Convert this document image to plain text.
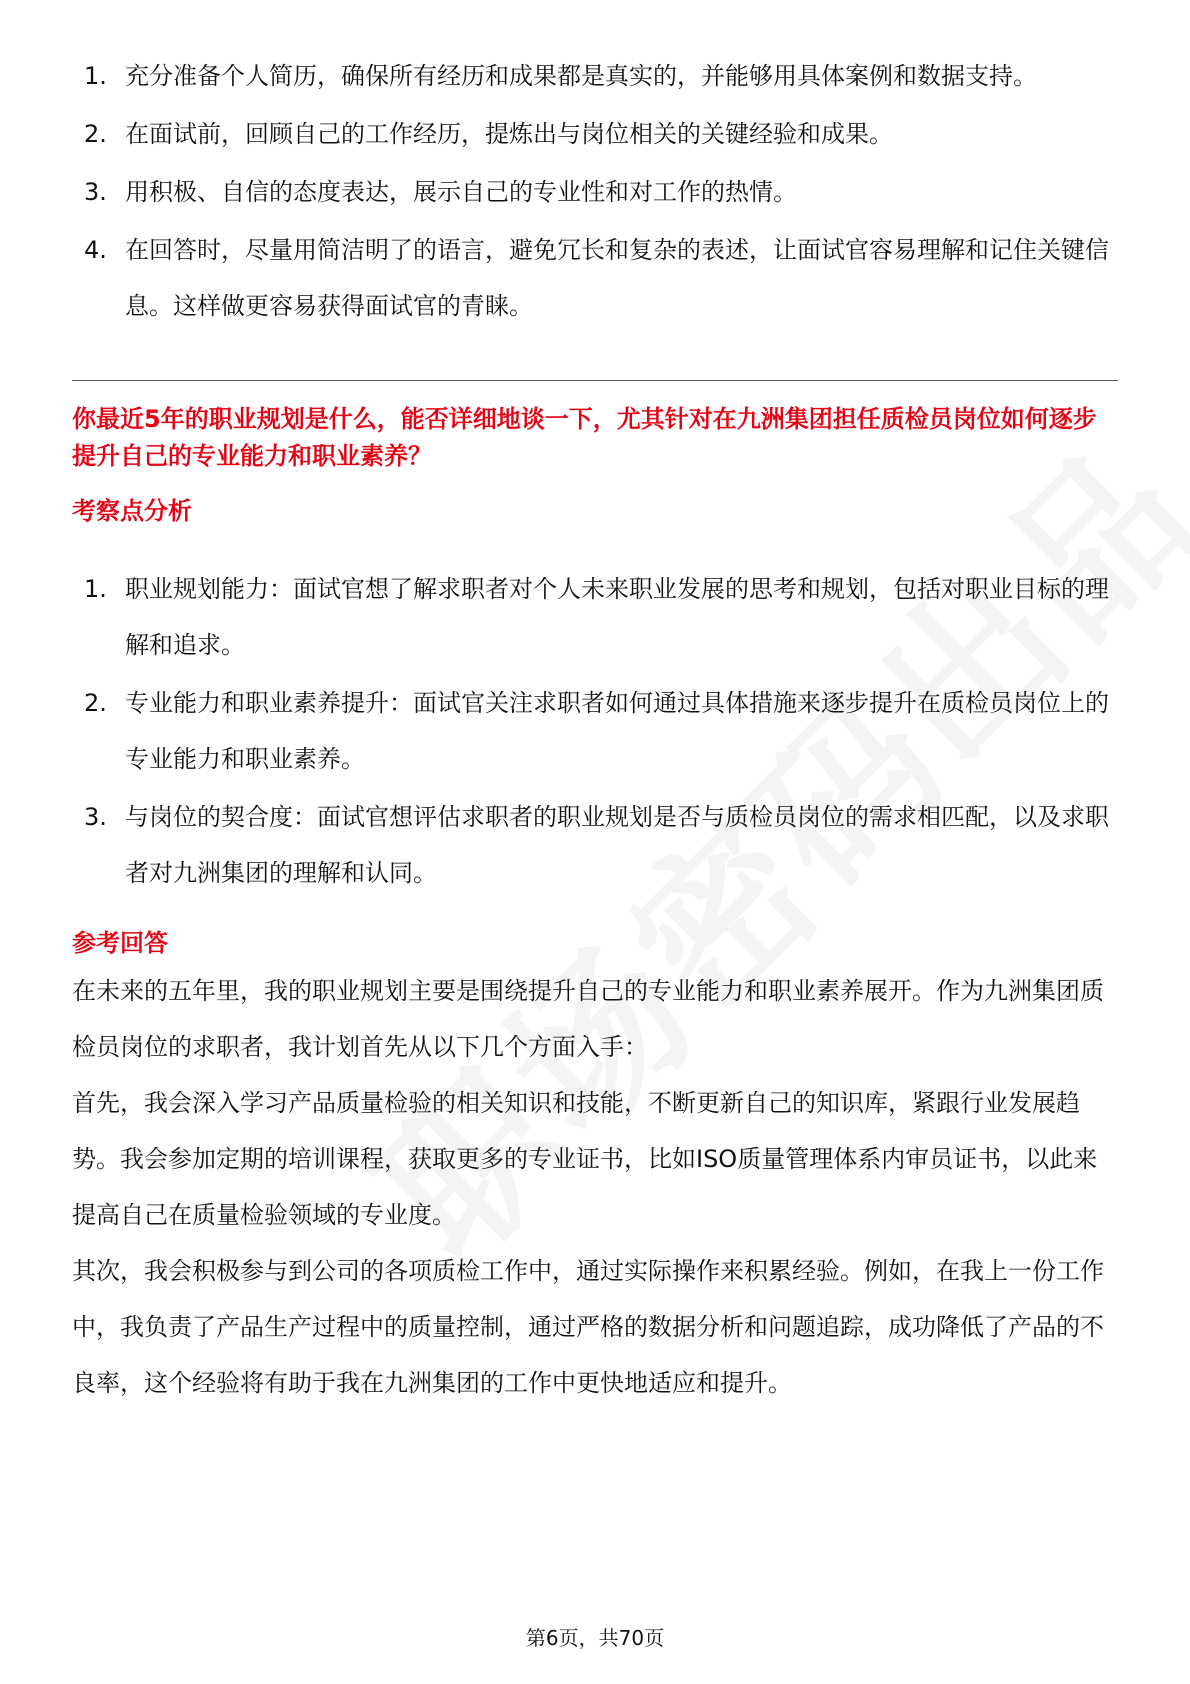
1. 充分准备个人简历，确保所有经历和成果都是真实的，并能够用具体案例和数据支持。
2. 在面试前，回顾自己的工作经历，提炼出与岗位相关的关键经验和成果。
3. 用积极、自信的态度表达，展示自己的专业性和对工作的热情。
4. 在回答时，尽量用简洁明了的语言，避免冗长和复杂的表述，让面试官容易理解和记住关键信息。这样做更容易获得面试官的青睐。
你最近5年的职业规划是什么，能否详细地谈一下，尤其针对在九洲集团担任质检员岗位如何逐步提升自己的专业能力和职业素养？
考察点分析
1. 职业规划能力：面试官想了解求职者对个人未来职业发展的思考和规划，包括对职业目标的理解和追求。
2. 专业能力和职业素养提升：面试官关注求职者如何通过具体措施来逐步提升在质检员岗位上的专业能力和职业素养。
3. 与岗位的契合度：面试官想评估求职者的职业规划是否与质检员岗位的需求相匹配，以及求职者对九洲集团的理解和认同。
参考回答

在未来的五年里，我的职业规划主要是围绕提升自己的专业能力和职业素养展开。作为九洲集团质检员岗位的求职者，我计划首先从以下几个方面入手：

首先，我会深入学习产品质量检验的相关知识和技能，不断更新自己的知识库，紧跟行业发展趋势。我会参加定期的培训课程，获取更多的专业证书，比如ISO质量管理体系内审员证书，以此来提高自己在质量检验领域的专业度。

其次，我会积极参与到公司的各项质检工作中，通过实际操作来积累经验。例如，在我上一份工作中，我负责了产品生产过程中的质量控制，通过严格的数据分析和问题追踪，成功降低了产品的不良率，这个经验将有助于我在九洲集团的工作中更快地适应和提升。

第6页，共70页
